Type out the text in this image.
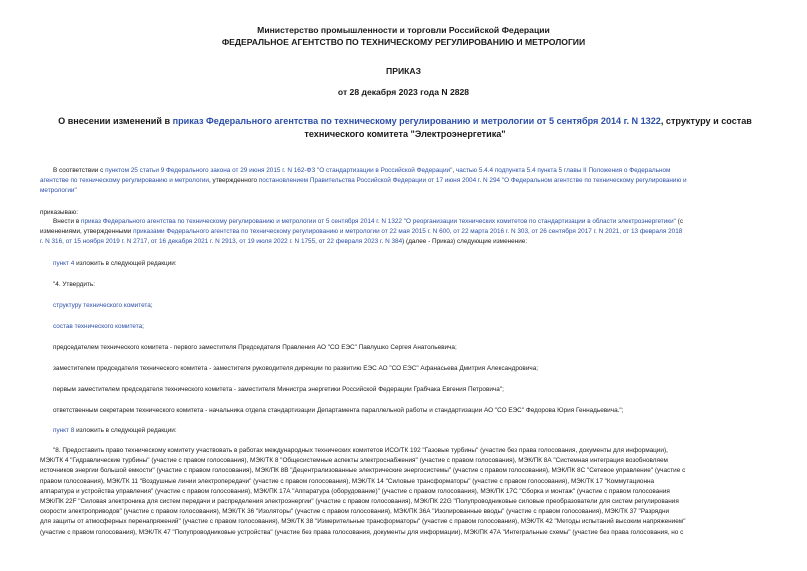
Министерство промышленности и торговли Российской Федерации
ФЕДЕРАЛЬНОЕ АГЕНТСТВО ПО ТЕХНИЧЕСКОМУ РЕГУЛИРОВАНИЮ И МЕТРОЛОГИИ
ПРИКАЗ
от 28 декабря 2023 года N 2828
О внесении изменений в приказ Федерального агентства по техническому регулированию и метрологии от 5 сентября 2014 г. N 1322, структуру и состав
технического комитета "Электроэнергетика"
В соответствии с пунктом 25 статьи 9 Федерального закона от 29 июня 2015 г. N 162-ФЗ "О стандартизации в Российской Федерации", частью 5.4.4 подпункта 5.4 пункта 5 главы II Положения о Федеральном
агентстве по техническому регулированию и метрологии, утвержденного постановлением Правительства Российской Федерации от 17 июня 2004 г. N 294 "О Федеральном агентстве по техническому регулированию и
метрологии"
приказываю:
Внести в приказ Федерального агентства по техническому регулированию и метрологии от 5 сентября 2014 г. N 1322 "О реорганизации технических комитетов по стандартизации в области электроэнергетики" (с
изменениями, утвержденными приказами Федерального агентства по техническому регулированию и метрологии от 22 мая 2015 г. N 600, от 22 марта 2016 г. N 303, от 26 сентября 2017 г. N 2021, от 13 февраля 2018
г. N 316, от 15 ноября 2019 г. N 2717, от 16 декабря 2021 г. N 2913, от 19 июля 2022 г. N 1755, от 22 февраля 2023 г. N 384) (далее - Приказ) следующие изменение:
пункт 4 изложить в следующей редакции:
"4. Утвердить:
структуру технического комитета;
состав технического комитета;
председателем технического комитета - первого заместителя Председателя Правления АО "СО ЕЭС" Павлушко Сергея Анатольевича;
заместителем председателя технического комитета - заместителя руководителя дирекции по развитию ЕЭС АО "СО ЕЭС" Афанасьева Дмитрия Александровича;
первым заместителем председателя технического комитета - заместителя Министра энергетики Российской Федерации Грабчака Евгения Петровича";
ответственным секретарем технического комитета - начальника отдела стандартизации Департамента параллельной работы и стандартизации АО "СО ЕЭС" Федорова Юрия Геннадьевича.";
пункт 8 изложить в следующей редакции:
"8. Предоставить право техническому комитету участвовать в работах международных технических комитетов ИСО/ТК 192 "Газовые турбины" (участие без права голосования, документы для информации),
МЭК/ТК 4 "Гидравлические турбины" (участие с правом голосования), МЭК/ТК 8 "Общесистемные аспекты электроснабжения" (участие с правом голосования), МЭК/ПК 8А "Системная интеграция возобновляем
источников энергии большой емкости" (участие с правом голосования), МЭК/ПК 8В "Децентрализованные электрические энергосистемы" (участие с правом голосования), МЭК/ПК 8С "Сетевое управление" (участие с
правом голосования), МЭК/ТК 11 "Воздушные линии электропередачи" (участие с правом голосования), МЭК/ТК 14 "Силовые трансформаторы" (участие с правом голосования), МЭК/ТК 17 "Коммутационна
аппаратура и устройства управления" (участие с правом голосования), МЭК/ПК 17А "Аппаратура (оборудование)" (участие с правом голосования), МЭК/ПК 17С "Сборка и монтаж" (участие с правом голосования
МЭК/ПК 22F "Силовая электроника для систем передачи и распределения электроэнергии" (участие с правом голосования), МЭК/ПК 22G "Полупроводниковые силовые преобразователи для систем регулирования
скорости электроприводов" (участие с правом голосования), МЭК/ТК 36 "Изоляторы" (участие с правом голосования), МЭК/ПК 36А "Изолированные вводы" (участие с правом голосования), МЭК/ТК 37 "Разрядни
для защиты от атмосферных перенапряжений" (участие с правом голосования), МЭК/ТК 38 "Измерительные трансформаторы" (участие с правом голосования), МЭК/ТК 42 "Методы испытаний высоким напряжением"
(участие с правом голосования), МЭК/ТК 47 "Полупроводниковые устройства" (участие без права голосования, документы для информации), МЭК/ПК 47А "Интегральные схемы" (участие без права голосования, но с
